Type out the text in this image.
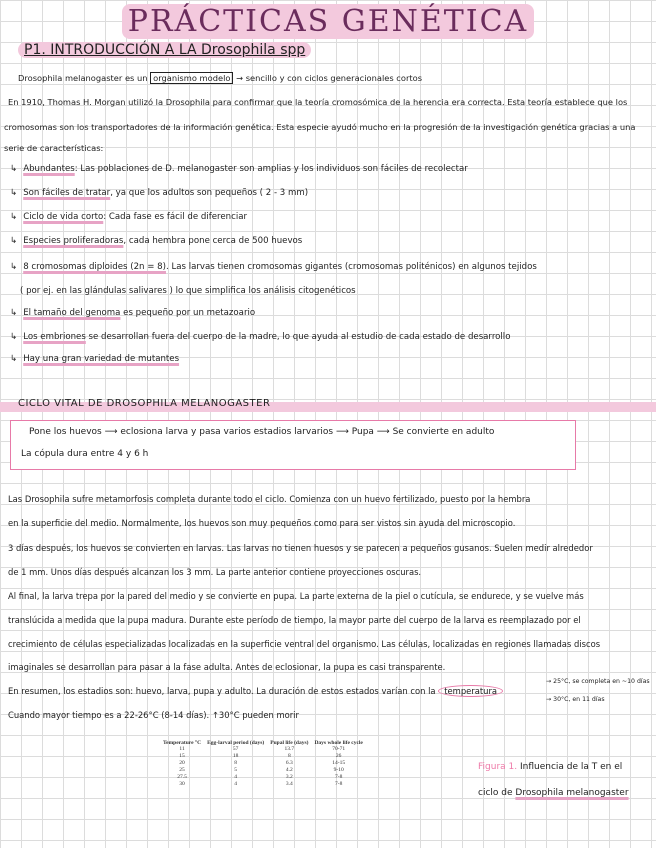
PRÁCTICAS GENÉTICA
P1. INTRODUCCIÓN A LA Drosophila spp
Drosophila melanogaster es un organismo modelo → sencillo y con ciclos generacionales cortos
En 1910, Thomas H. Morgan utilizó la Drosophila para confirmar que la teoría cromosómica de la herencia era correcta. Esta teoría establece que los
cromosomas son los transportadores de la información genética. Esta especie ayudó mucho en la progresión de la investigación genética gracias a una
serie de características:
↳ Abundantes: Las poblaciones de D. melanogaster son amplias y los individuos son fáciles de recolectar
↳ Son fáciles de tratar, ya que los adultos son pequeños ( 2 - 3 mm)
↳ Ciclo de vida corto: Cada fase es fácil de diferenciar
↳ Especies proliferadoras, cada hembra pone cerca de 500 huevos
↳ 8 cromosomas diploides (2n = 8). Las larvas tienen cromosomas gigantes (cromosomas politénicos) en algunos tejidos
( por ej. en las glándulas salivares ) lo que simplifica los análisis citogenéticos
↳ El tamaño del genoma es pequeño por un metazoario
↳ Los embriones se desarrollan fuera del cuerpo de la madre, lo que ayuda al estudio de cada estado de desarrollo
↳ Hay una gran variedad de mutantes
CICLO VITAL DE DROSOPHILA MELANOGASTER
Pone los huevos ⟶ eclosiona larva y pasa varios estadios larvarios ⟶ Pupa ⟶ Se convierte en adulto
La cópula dura entre 4 y 6 h
Las Drosophila sufre metamorfosis completa durante todo el ciclo. Comienza con un huevo fertilizado, puesto por la hembra
en la superficie del medio. Normalmente, los huevos son muy pequeños como para ser vistos sin ayuda del microscopio.
3 días después, los huevos se convierten en larvas. Las larvas no tienen huesos y se parecen a pequeños gusanos. Suelen medir alrededor
de 1 mm. Unos días después alcanzan los 3 mm. La parte anterior contiene proyecciones oscuras.
Al final, la larva trepa por la pared del medio y se convierte en pupa. La parte externa de la piel o cutícula, se endurece, y se vuelve más
translúcida a medida que la pupa madura. Durante este período de tiempo, la mayor parte del cuerpo de la larva es reemplazado por el
crecimiento de células especializadas localizadas en la superficie ventral del organismo. Las células, localizadas en regiones llamadas discos
imaginales se desarrollan para pasar a la fase adulta. Antes de eclosionar, la pupa es casi transparente.
En resumen, los estadios son: huevo, larva, pupa y adulto. La duración de estos estados varían con la temperatura
Cuando mayor tiempo es a 22-26°C (8-14 días). ↑30°C pueden morir
→ 25°C, se completa en ~10 días
→ 30°C, en 11 días
Temperature °C	Egg-larval period (days)	Pupal life (days)	Days whole life cycle
11	57	13.7	70-71
15	18	8	26
20	8	6.3	14-15
25	5	4.2	9-10
27.5	4	3.2	7-8
30	4	3.4	7-8
Figura 1. Influencia de la T en el
ciclo de Drosophila melanogaster
